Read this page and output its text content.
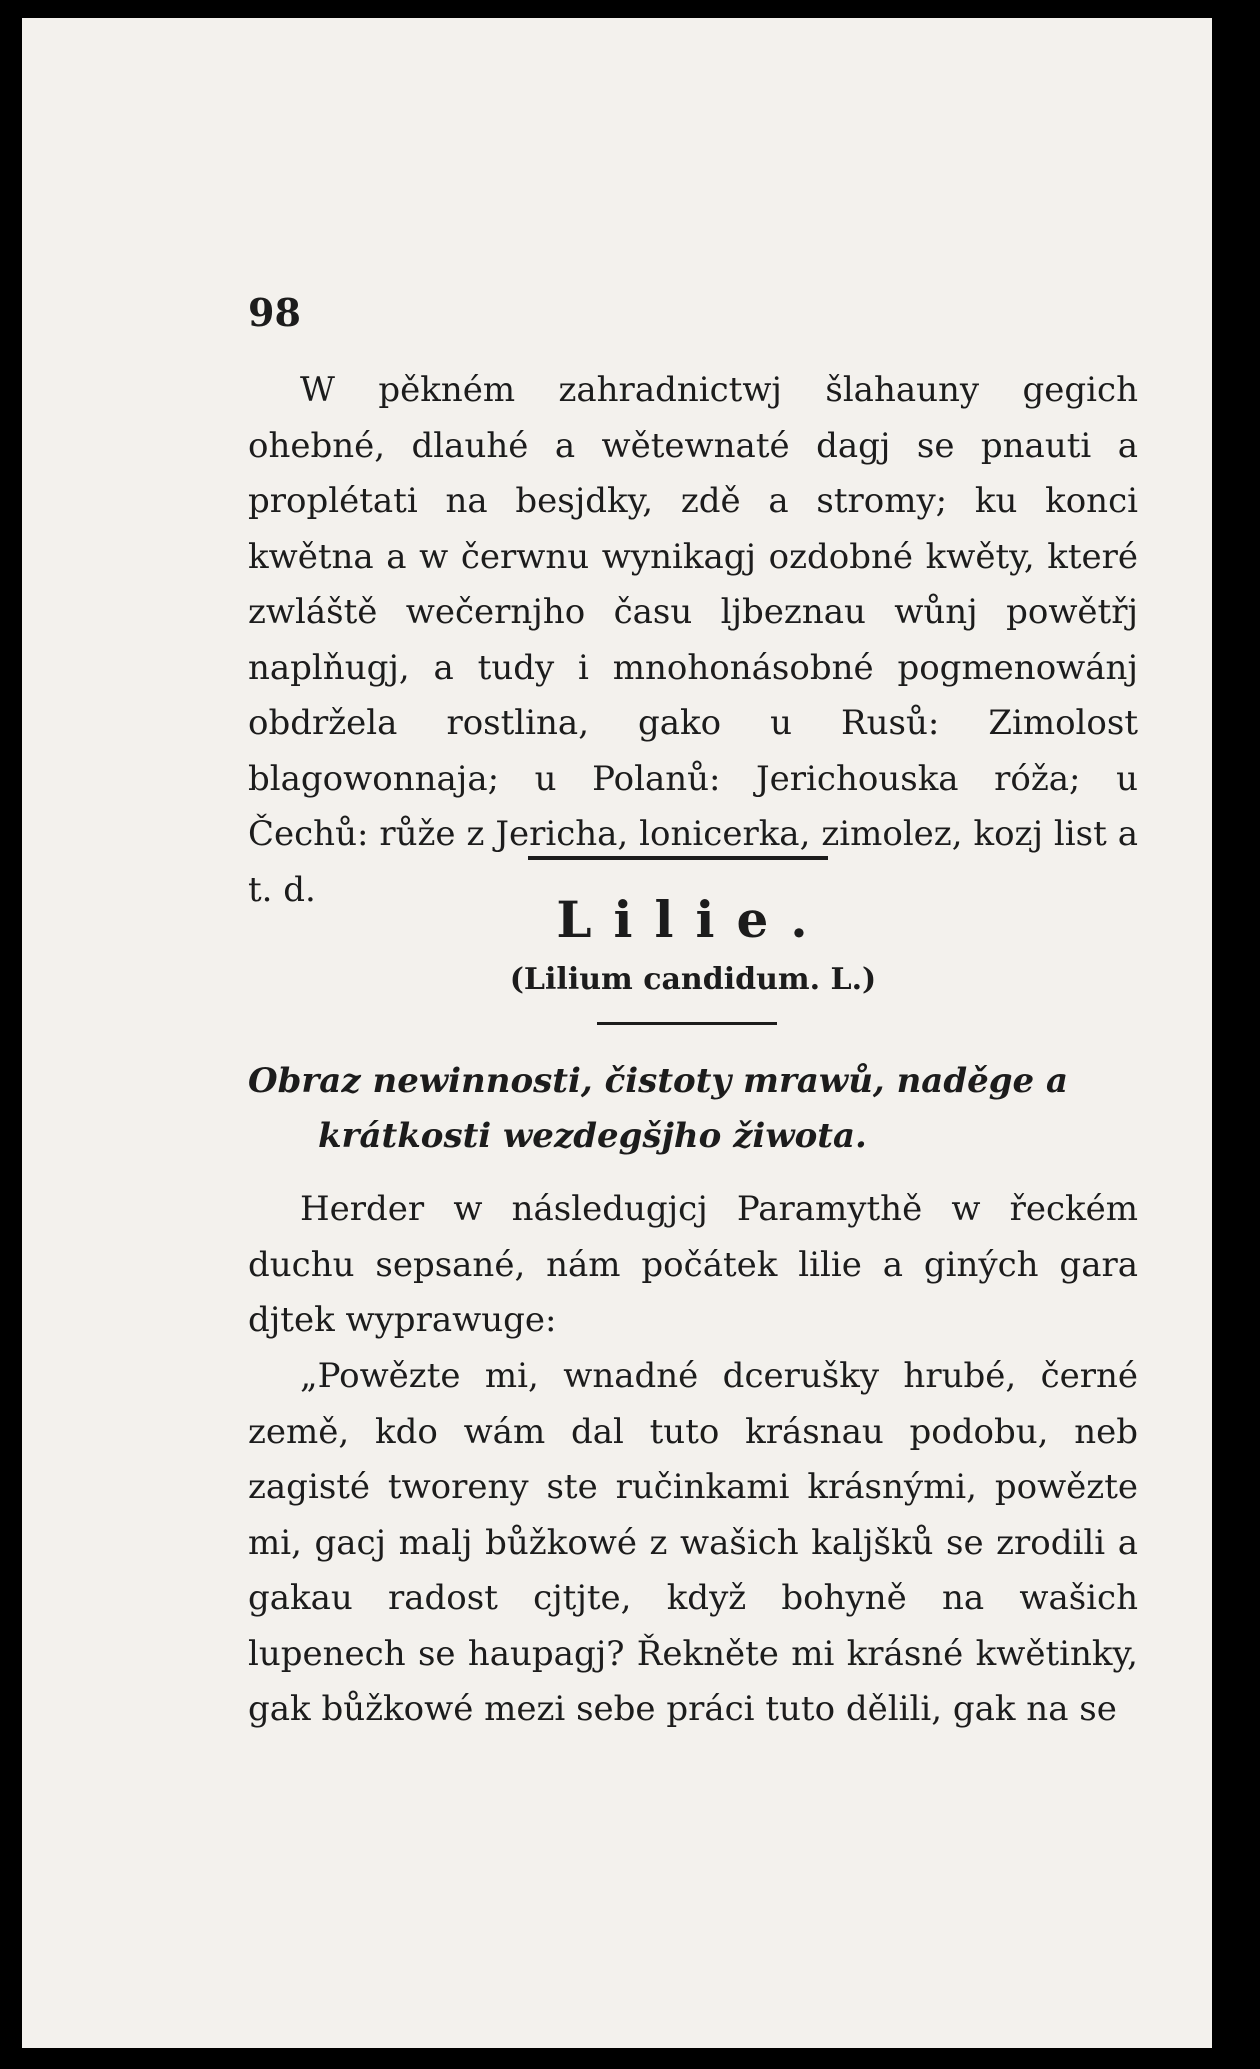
98

W pěkném zahradnictwj šlahauny gegich ohebné, dlauhé a wětewnaté dagj se pnauti a proplétati na besjdky, zdě a stromy; ku konci kwětna a w čerwnu wynikagj ozdobné kwěty, které zwláště wečernjho času ljbeznau wůnj powětřj naplňugj, a tudy i mnohonásobné pogmenowánj obdržela rostlina, gako u Rusů: Zimolost blagowonnaja; u Polanů: Jerichouska róža; u Čechů: růže z Jericha, lonicerka, zimolez, kozj list a t. d.

Lilie.

(Lilium candidum. L.)

Obraz newinnosti, čistoty mrawů, naděge a krátkosti wezdegšjho žiwota.

Herder w následugjcj Paramythě w řeckém duchu sepsané, nám počátek lilie a giných gara djtek wyprawuge:

„Powězte mi, wnadné dcerušky hrubé, černé země, kdo wám dal tuto krásnau podobu, neb zagisté tworeny ste ručinkami krásnými, powězte mi, gacj malj bůžkowé z wašich kaljšků se zrodili a gakau radost cjtjte, když bohyně na wašich lupenech se haupagj? Řekněte mi krásné kwětinky, gak bůžkowé mezi sebe práci tuto dělili, gak na se
